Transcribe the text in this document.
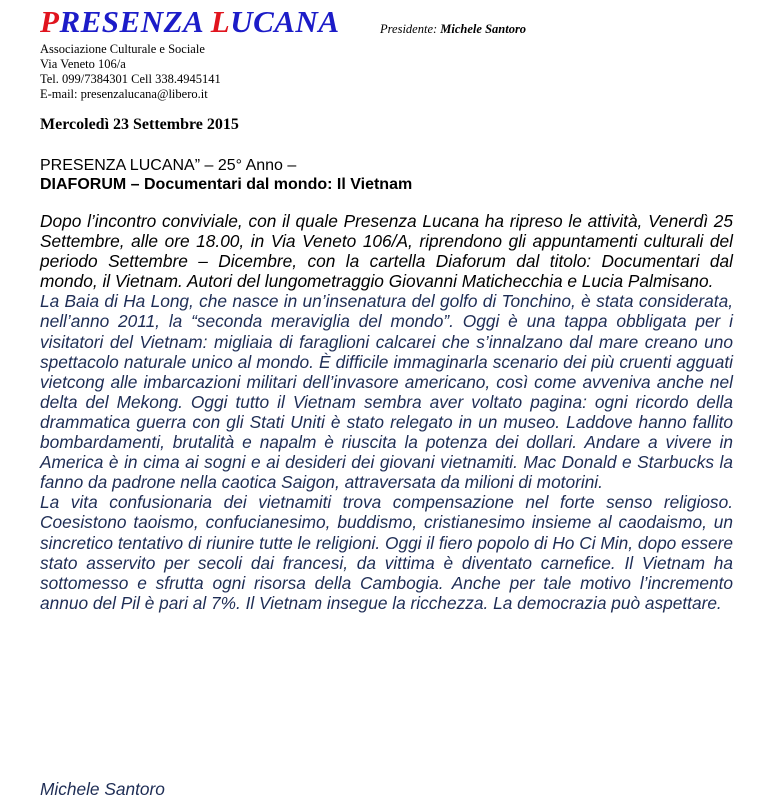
PRESENZA LUCANA	Presidente: Michele Santoro
Associazione Culturale e Sociale
Via Veneto 106/a
Tel. 099/7384301 Cell 338.4945141
E-mail: presenzalucana@libero.it
Mercoledì 23 Settembre 2015
PRESENZA LUCANA” – 25° Anno –
DIAFORUM – Documentari dal mondo: Il Vietnam

Dopo l’incontro conviviale, con il quale Presenza Lucana ha ripreso le attività, Venerdì 25 Settembre, alle ore 18.00, in Via Veneto 106/A, riprendono gli appuntamenti culturali del periodo Settembre – Dicembre, con la cartella Diaforum dal titolo: Documentari dal mondo, il Vietnam. Autori del lungometraggio Giovanni Matichecchia e Lucia Palmisano.

La Baia di Ha Long, che nasce in un’insenatura del golfo di Tonchino, è stata considerata, nell’anno 2011, la “seconda meraviglia del mondo”. Oggi è una tappa obbligata per i visitatori del Vietnam: migliaia di faraglioni calcarei che s’innalzano dal mare creano uno spettacolo naturale unico al mondo. È difficile immaginarla scenario dei più cruenti agguati vietcong alle imbarcazioni militari dell’invasore americano, così come avveniva anche nel delta del Mekong. Oggi tutto il Vietnam sembra aver voltato pagina: ogni ricordo della drammatica guerra con gli Stati Uniti è stato relegato in un museo. Laddove hanno fallito bombardamenti, brutalità e napalm è riuscita la potenza dei dollari. Andare a vivere in America è in cima ai sogni e ai desideri dei giovani vietnamiti. Mac Donald e Starbucks la fanno da padrone nella caotica Saigon, attraversata da milioni di motorini.

La vita confusionaria dei vietnamiti trova compensazione nel forte senso religioso. Coesistono taoismo, confucianesimo, buddismo, cristianesimo insieme al caodaismo, un sincretico tentativo di riunire tutte le religioni. Oggi il fiero popolo di Ho Ci Min, dopo essere stato asservito per secoli dai francesi, da vittima è diventato carnefice. Il Vietnam ha sottomesso e sfrutta ogni risorsa della Cambogia. Anche per tale motivo l’incremento annuo del Pil è pari al 7%. Il Vietnam insegue la ricchezza. La democrazia può aspettare.

Michele Santoro
